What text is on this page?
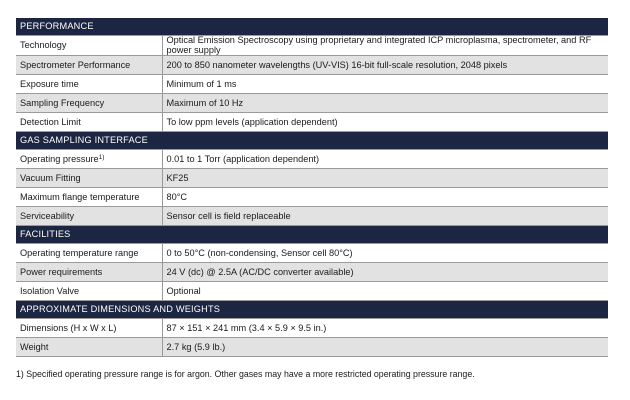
PERFORMANCE	
Technology	Optical Emission Spectroscopy using proprietary and integrated ICP microplasma, spectrometer, and RF power supply
Spectrometer Performance	200 to 850 nanometer wavelengths (UV-VIS) 16-bit full-scale resolution, 2048 pixels
Exposure time	Minimum of 1 ms
Sampling Frequency	Maximum of 10 Hz
Detection Limit	To low ppm levels (application dependent)
GAS SAMPLING INTERFACE	
Operating pressure$^{1)}$	0.01 to 1 Torr (application dependent)
Vacuum Fitting	KF25
Maximum flange temperature	80°C
Serviceability	Sensor cell is field replaceable
FACILITIES	
Operating temperature range	0 to 50°C (non-condensing, Sensor cell 80°C)
Power requirements	24 V (dc) @ 2.5A (AC/DC converter available)
Isolation Valve	Optional
APPROXIMATE DIMENSIONS AND WEIGHTS	
Dimensions (H x W x L)	87 × 151 × 241 mm (3.4 × 5.9 × 9.5 in.)
Weight	2.7 kg (5.9 lb.)
1) Specified operating pressure range is for argon. Other gases may have a more restricted operating pressure range.
